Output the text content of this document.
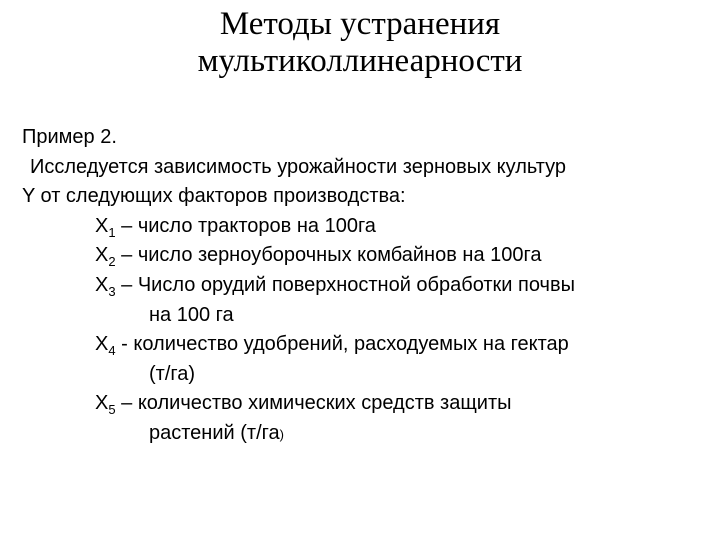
Методы устранения
мультиколлинеарности
Пример 2.
Исследуется зависимость урожайности зерновых культур
Y от следующих факторов производства:
$X_1$ – число тракторов на 100га
$X_2$ – число зерноуборочных комбайнов на 100га
$X_3$ – Число орудий поверхностной обработки почвы
на 100 га
$X_4$ - количество удобрений, расходуемых на гектар
(т/га)
$X_5$ – количество химических средств защиты
растений (т/га)
